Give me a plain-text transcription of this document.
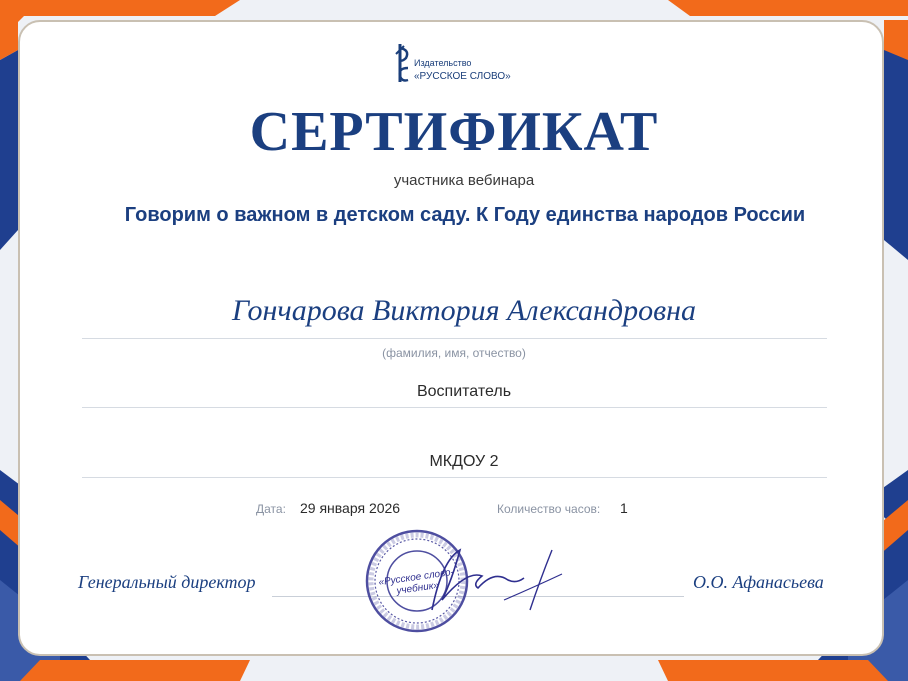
Издательство
«РУССКОЕ СЛОВО»
СЕРТИФИКАТ
участника вебинара
Говорим о важном в детском саду. К Году единства народов России
Гончарова Виктория Александровна
(фамилия, имя, отчество)
Воспитатель
МКДОУ 2
Дата: 29 января 2026	Количество часов: 1
Генеральный директор	О.О. Афанасьева
«Русское слово-учебник»
